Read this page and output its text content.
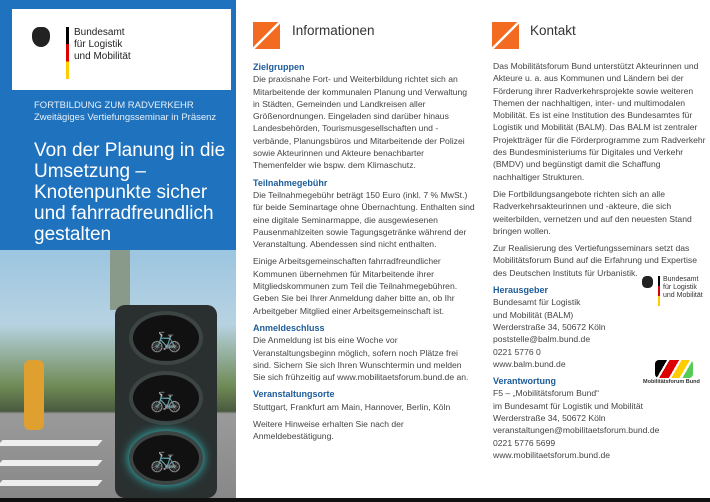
Bundesamt
für Logistik
und Mobilität
FORTBILDUNG ZUM RADVERKEHR
Zweitägiges Vertiefungsseminar in Präsenz
Von der Planung in die Umsetzung – Knotenpunkte sicher und fahrradfreundlich gestalten
🚲
🚲
🚲
Informationen
Zielgruppen

Die praxisnahe Fort- und Weiterbildung richtet sich an Mitarbeitende der kommunalen Planung und Verwaltung in Städten, Gemeinden und Landkreisen aller Größenordnungen. Eingeladen sind darüber hinaus Landesbehörden, Tourismusgesellschaften und -verbände, Planungsbüros und Mitarbeitende der Polizei sowie Akteurinnen und Akteure benachbarter Themenfelder wie bspw. dem Klimaschutz.

Teilnahmegebühr

Die Teilnahmegebühr beträgt 150 Euro (inkl. 7 % MwSt.) für beide Seminartage ohne Übernachtung. Enthalten sind eine digitale Seminarmappe, die ausgewiesenen Pausenmahlzeiten sowie Tagungsgetränke während der Veranstaltung. Abendessen sind nicht enthalten.

Einige Arbeitsgemeinschaften fahrradfreundlicher Kommunen übernehmen für Mitarbeitende ihrer Mitgliedskommunen zum Teil die Teilnahmegebühren. Geben Sie bei Ihrer Anmeldung daher bitte an, ob Ihr Arbeitgeber Mitglied einer Arbeitsgemeinschaft ist.

Anmeldeschluss

Die Anmeldung ist bis eine Woche vor Veranstaltungsbeginn möglich, sofern noch Plätze frei sind. Sichern Sie sich Ihren Wunschtermin und melden Sie sich frühzeitig auf www.mobilitaetsforum.bund.de an.

Veranstaltungsorte

Stuttgart, Frankfurt am Main, Hannover, Berlin, Köln

Weitere Hinweise erhalten Sie nach der Anmeldebestätigung.

Kontakt

Das Mobilitätsforum Bund unterstützt Akteurinnen und Akteure u. a. aus Kommunen und Ländern bei der Förderung ihrer Radverkehrsprojekte sowie weiteren Themen der nachhaltigen, inter- und multimodalen Mobilität. Es ist eine Institution des Bundesamtes für Logistik und Mobilität (BALM). Das BALM ist zentraler Projektträger für die Förderprogramme zum Radverkehr des Bundesministeriums für Digitales und Verkehr (BMDV) und begünstigt damit die Schaffung nachhaltiger Strukturen.

Die Fortbildungsangebote richten sich an alle Radverkehrsakteurinnen und -akteure, die sich weiterbilden, vernetzen und auf den neuesten Stand bringen wollen.

Zur Realisierung des Vertiefungsseminars setzt das Mobilitätsforum Bund auf die Erfahrung und Expertise des Deutschen Instituts für Urbanistik.

Herausgeber
Bundesamt für Logistik
und Mobilität (BALM)
Werderstraße 34, 50672 Köln
poststelle@balm.bund.de
0221 5776 0
www.balm.bund.de
Verantwortung
F5 – „Mobilitätsforum Bund“
im Bundesamt für Logistik und Mobilität
Werderstraße 34, 50672 Köln
veranstaltungen@mobilitaetsforum.bund.de
0221 5776 5699
www.mobilitaetsforum.bund.de
Bundesamt
für Logistik
und Mobilität
Mobilitätsforum Bund
